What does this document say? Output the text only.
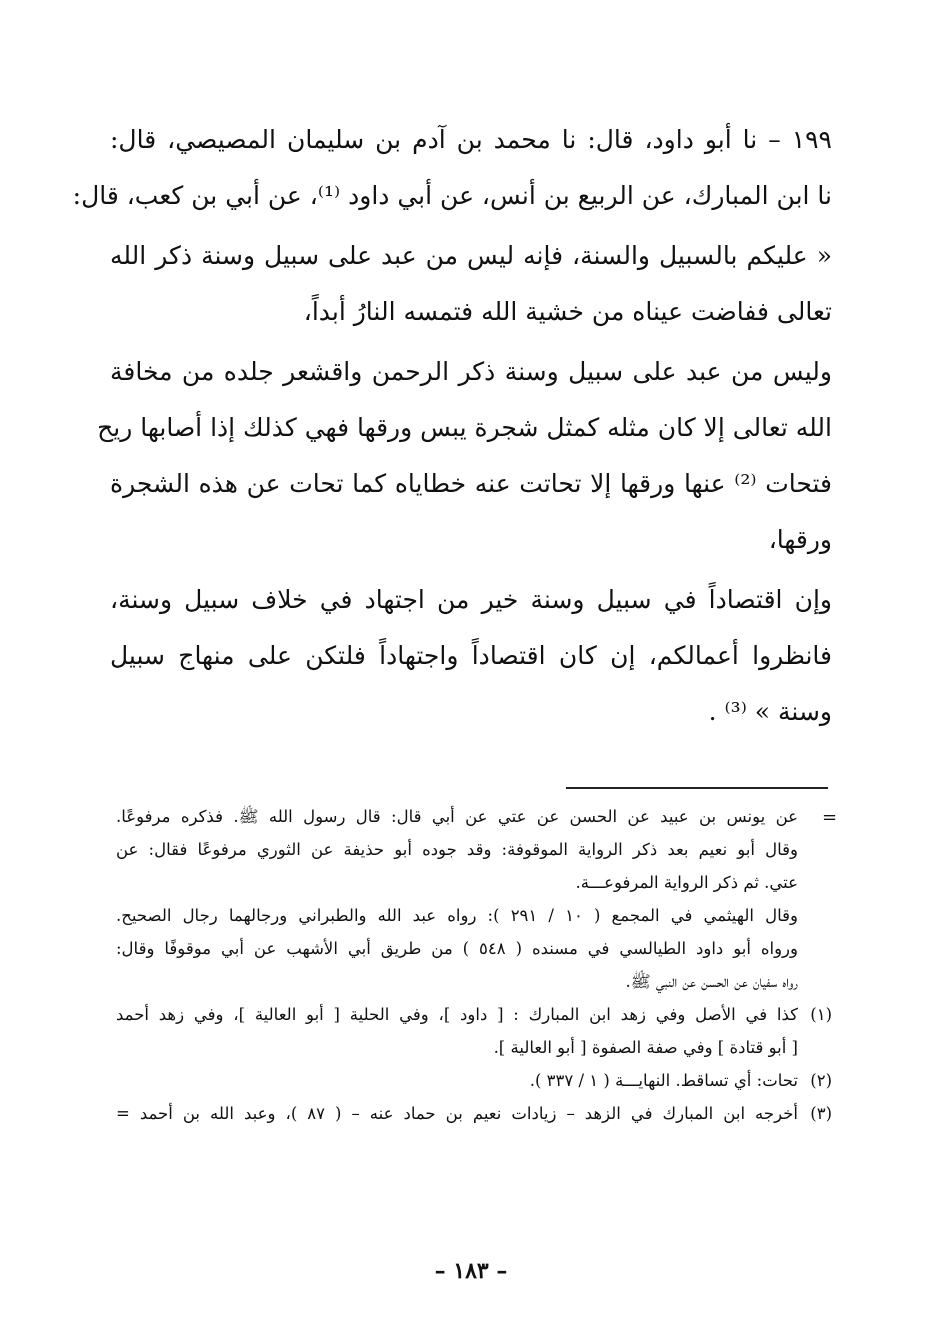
١٩٩ – نا أبو داود، قال: نا محمد بن آدم بن سليمان المصيصي، قال:
نا ابن المبارك، عن الربيع بن أنس، عن أبي داود ⁽¹⁾، عن أبي بن كعب، قال:
« عليكم بالسبيل والسنة، فإنه ليس من عبد على سبيل وسنة ذكر الله
تعالى ففاضت عيناه من خشية الله فتمسه النارُ أبداً،
وليس من عبد على سبيل وسنة ذكر الرحمن واقشعر جلده من مخافة
الله تعالى إلا كان مثله كمثل شجرة يبس ورقها فهي كذلك إذا أصابها ريح
فتحات ⁽²⁾ عنها ورقها إلا تحاتت عنه خطاياه كما تحات عن هذه الشجرة
ورقها،
وإن اقتصاداً في سبيل وسنة خير من اجتهاد في خلاف سبيل وسنة،
فانظروا أعمالكم، إن كان اقتصاداً واجتهاداً فلتكن على منهاج سبيل
وسنة » ⁽³⁾ .
=
عن يونس بن عبيد عن الحسن عن عتي عن أبي قال: قال رسول الله ﷺ. فذكره مرفوعًا.
وقال أبو نعيم بعد ذكر الرواية الموقوفة: وقد جوده أبو حذيفة عن الثوري مرفوعًا فقال: عن
عتي. ثم ذكر الرواية المرفوعـــة.
وقال الهيثمي في المجمع ( ١٠ / ٢٩١ ): رواه عبد الله والطبراني ورجالهما رجال الصحيح.
ورواه أبو داود الطيالسي في مسنده ( ٥٤٨ ) من طريق أبي الأشهب عن أبي موقوفًا وقال:
رواه سفيان عن الحسن عن النبي ﷺ.
(١)
كذا في الأصل وفي زهد ابن المبارك : [ داود ]، وفي الحلية [ أبو العالية ]، وفي زهد أحمد
[ أبو قتادة ] وفي صفة الصفوة [ أبو العالية ].
(٢)
تحات: أي تساقط. النهايـــة ( ١ / ٣٣٧ ).
(٣)
أخرجه ابن المبارك في الزهد – زيادات نعيم بن حماد عنه – ( ٨٧ )، وعبد الله بن أحمد =
– ١٨٣ –
